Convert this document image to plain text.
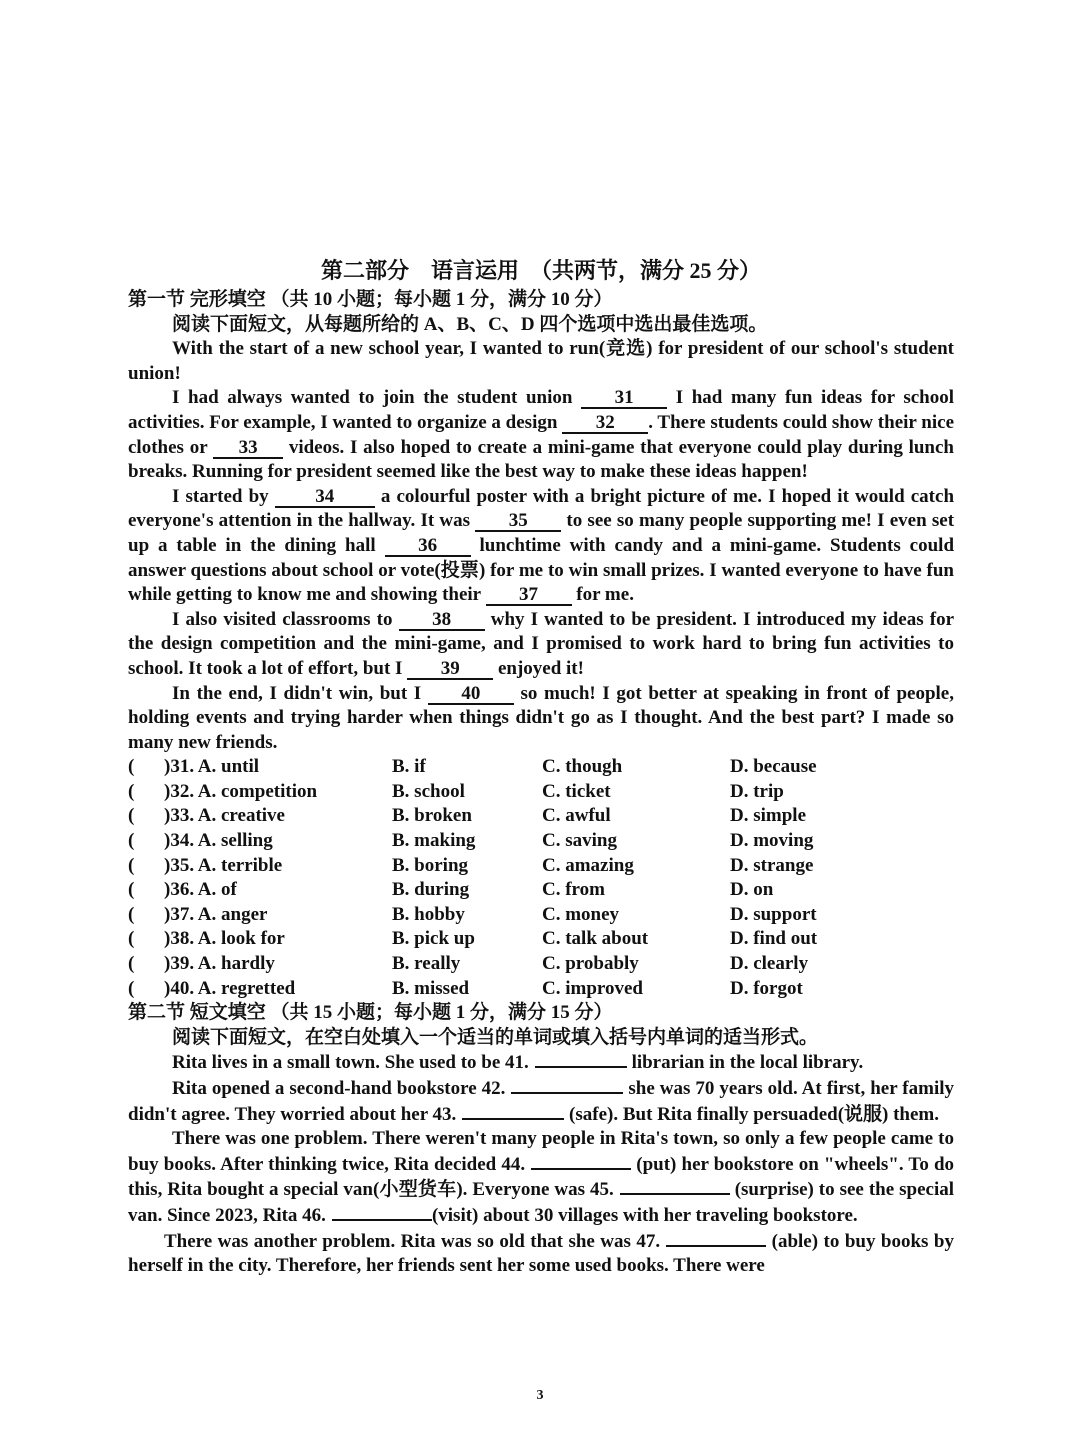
第二部分　语言运用　（共两节，满分 25 分）
第一节 完形填空 （共 10 小题；每小题 1 分，满分 10 分）
阅读下面短文，从每题所给的 A、B、C、D 四个选项中选出最佳选项。

With the start of a new school year, I wanted to run(竞选) for president of our school's student union!

I had always wanted to join the student union 31 I had many fun ideas for school activities. For example, I wanted to organize a design 32 . There students could show their nice clothes or 33 videos. I also hoped to create a mini-game that everyone could play during lunch breaks. Running for president seemed like the best way to make these ideas happen!

I started by 34 a colourful poster with a bright picture of me. I hoped it would catch everyone's attention in the hallway. It was 35 to see so many people supporting me! I even set up a table in the dining hall 36 lunchtime with candy and a mini-game. Students could answer questions about school or vote(投票) for me to win small prizes. I wanted everyone to have fun while getting to know me and showing their 37 for me.

I also visited classrooms to 38 why I wanted to be president. I introduced my ideas for the design competition and the mini-game, and I promised to work hard to bring fun activities to school. It took a lot of effort, but I 39 enjoyed it!

In the end, I didn't win, but I 40 so much! I got better at speaking in front of people, holding events and trying harder when things didn't go as I thought. And the best part? I made so many new friends.

(	)31. A. until	B. if	C. though	D. because
(	)32. A. competition	B. school	C. ticket	D. trip
(	)33. A. creative	B. broken	C. awful	D. simple
(	)34. A. selling	B. making	C. saving	D. moving
(	)35. A. terrible	B. boring	C. amazing	D. strange
(	)36. A. of	B. during	C. from	D. on
(	)37. A. anger	B. hobby	C. money	D. support
(	)38. A. look for	B. pick up	C. talk about	D. find out
(	)39. A. hardly	B. really	C. probably	D. clearly
(	)40. A. regretted	B. missed	C. improved	D. forgot
第二节 短文填空 （共 15 小题；每小题 1 分，满分 15 分）
阅读下面短文，在空白处填入一个适当的单词或填入括号内单词的适当形式。

Rita lives in a small town. She used to be 41.	librarian in the local library.

Rita opened a second-hand bookstore 42.	she was 70 years old. At first, her family didn't agree. They worried about her 43.	(safe). But Rita finally persuaded(说服) them.

There was one problem. There weren't many people in Rita's town, so only a few people came to buy books. After thinking twice, Rita decided 44.	(put) her bookstore on "wheels". To do this, Rita bought a special van(小型货车). Everyone was 45.	(surprise) to see the special van. Since 2023, Rita 46.	(visit) about 30 villages with her traveling bookstore.

There was another problem. Rita was so old that she was 47.	(able) to buy books by herself in the city. Therefore, her friends sent her some used books. There were

3
